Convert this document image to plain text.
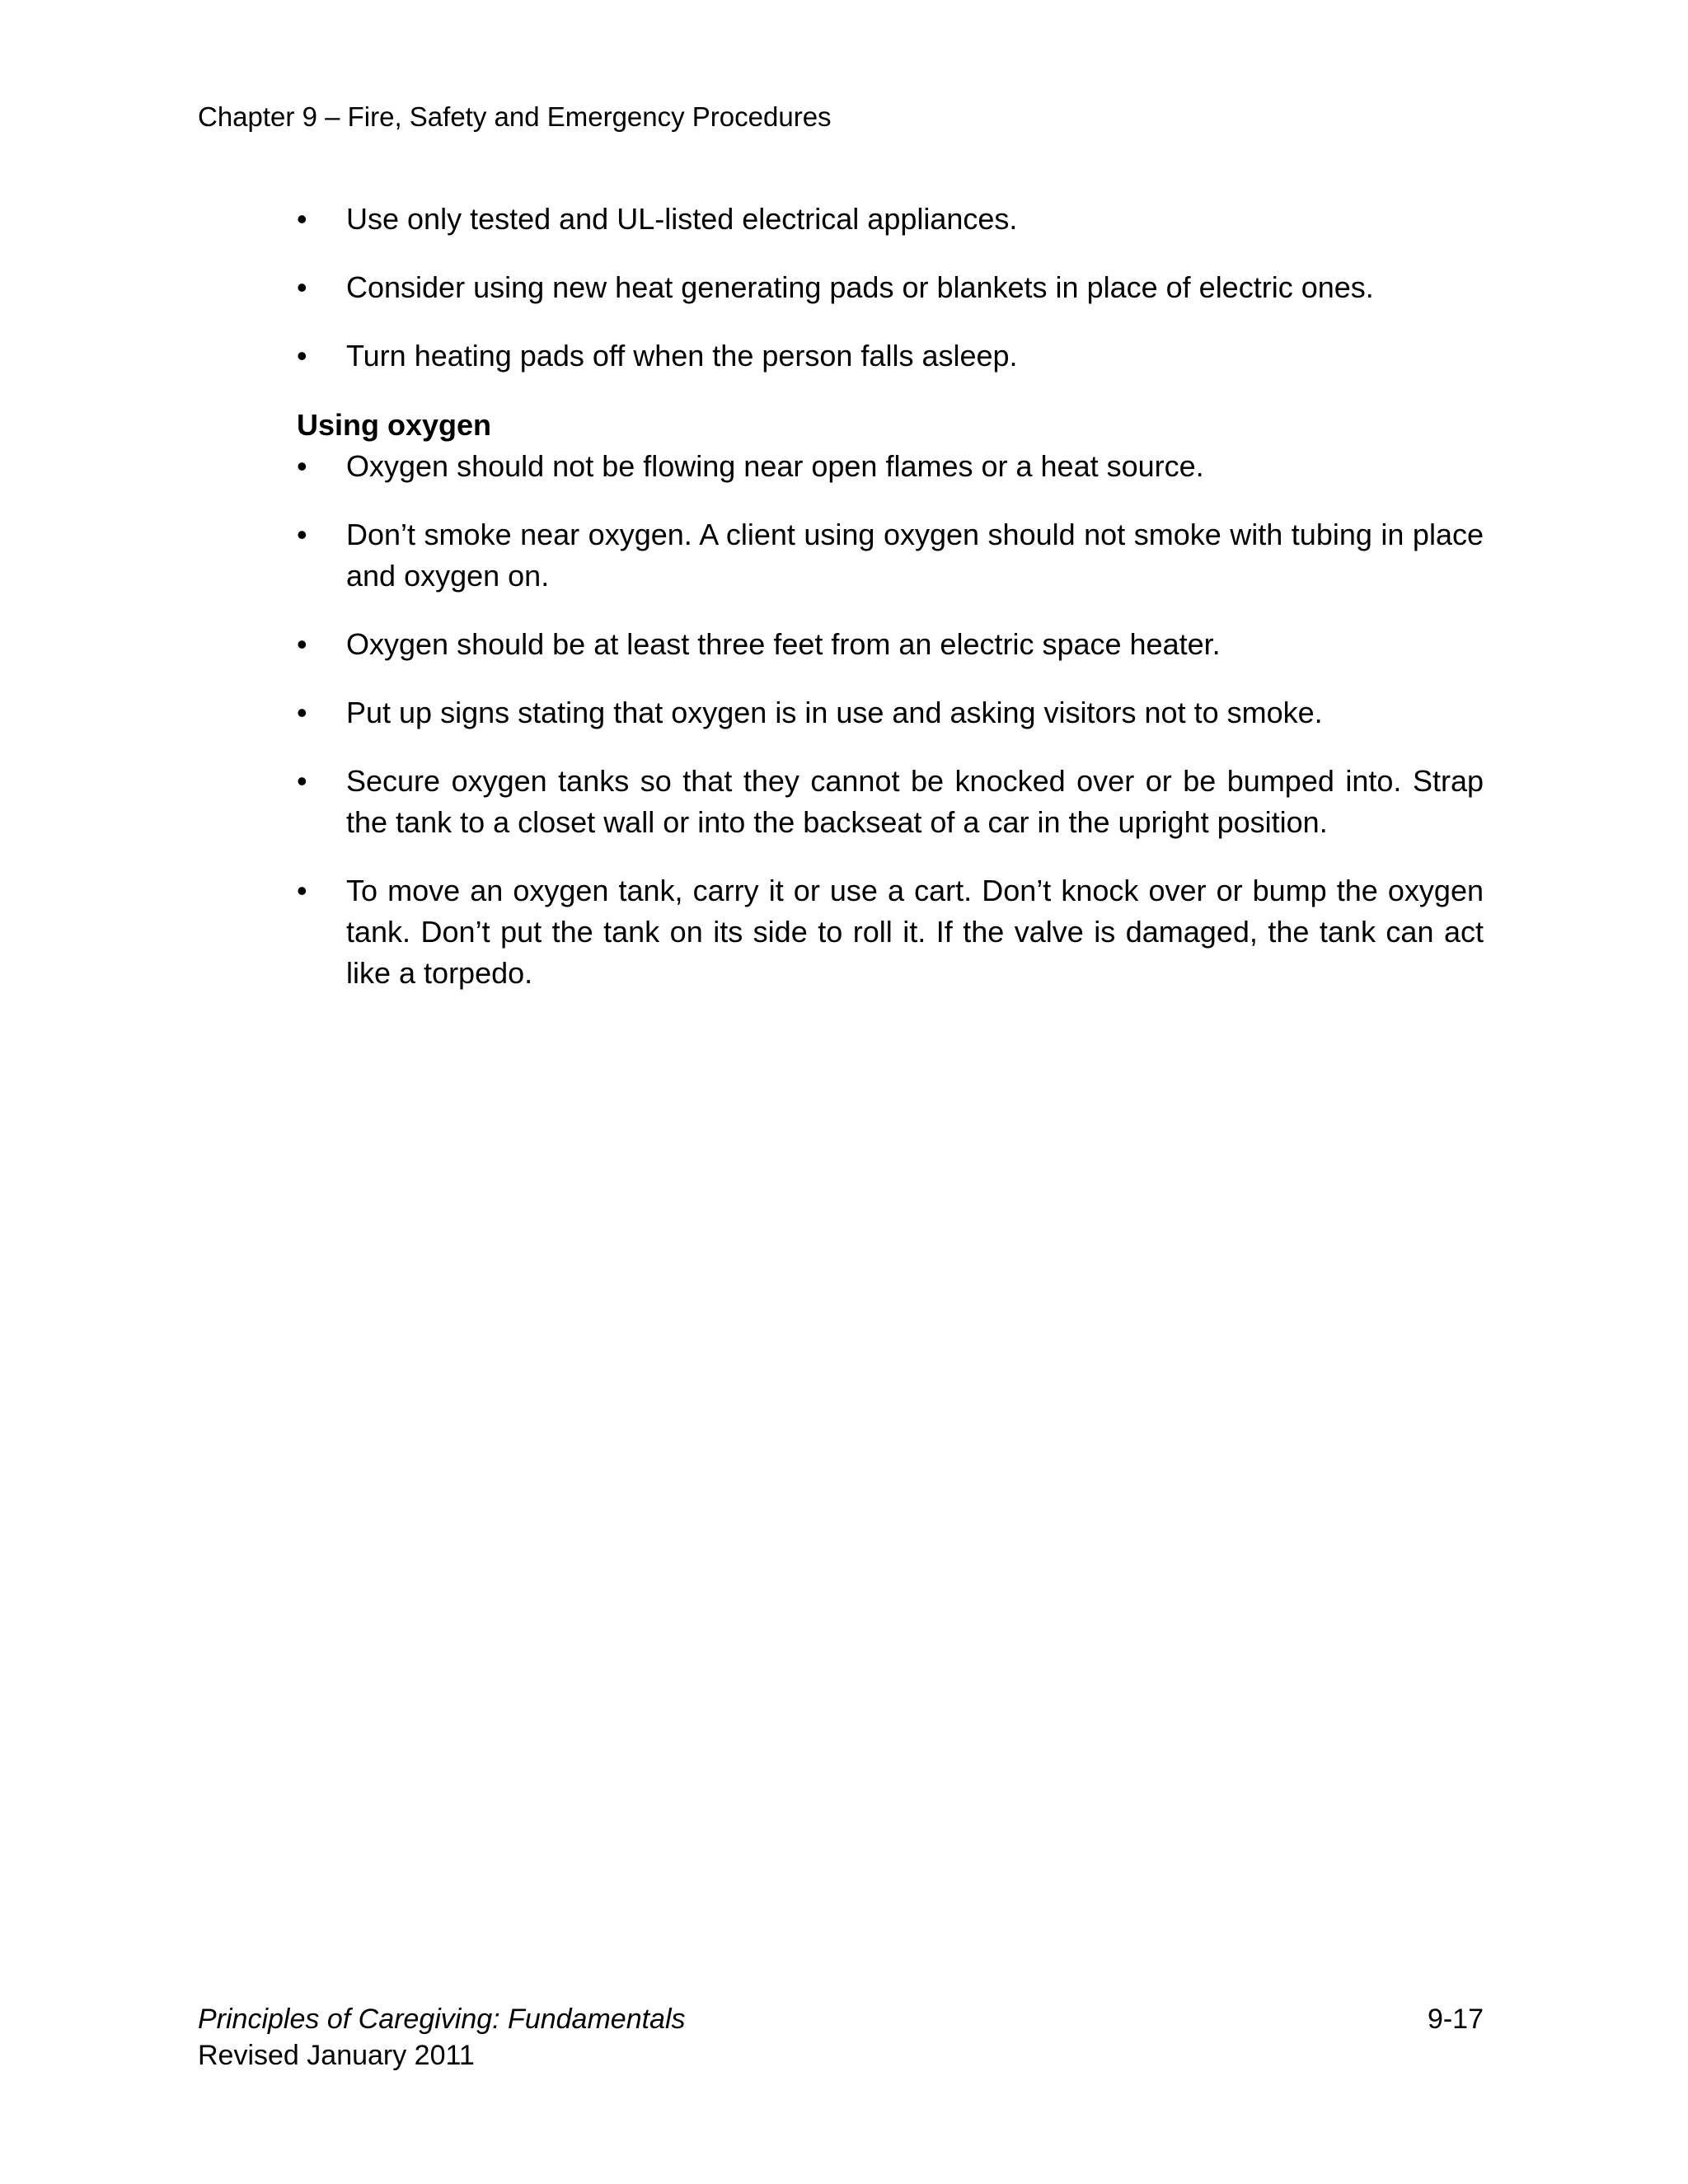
Chapter 9 – Fire, Safety and Emergency Procedures
•	Use only tested and UL-listed electrical appliances.
•	Consider using new heat generating pads or blankets in place of electric ones.
•	Turn heating pads off when the person falls asleep.
Using oxygen
•	Oxygen should not be flowing near open flames or a heat source.
•	Don’t smoke near oxygen. A client using oxygen should not smoke with tubing in place and oxygen on.
•	Oxygen should be at least three feet from an electric space heater.
•	Put up signs stating that oxygen is in use and asking visitors not to smoke.
•	Secure oxygen tanks so that they cannot be knocked over or be bumped into. Strap the tank to a closet wall or into the backseat of a car in the upright position.
•	To move an oxygen tank, carry it or use a cart. Don’t knock over or bump the oxygen tank. Don’t put the tank on its side to roll it. If the valve is damaged, the tank can act like a torpedo.
Principles of Caregiving: Fundamentals	9-17
Revised January 2011
